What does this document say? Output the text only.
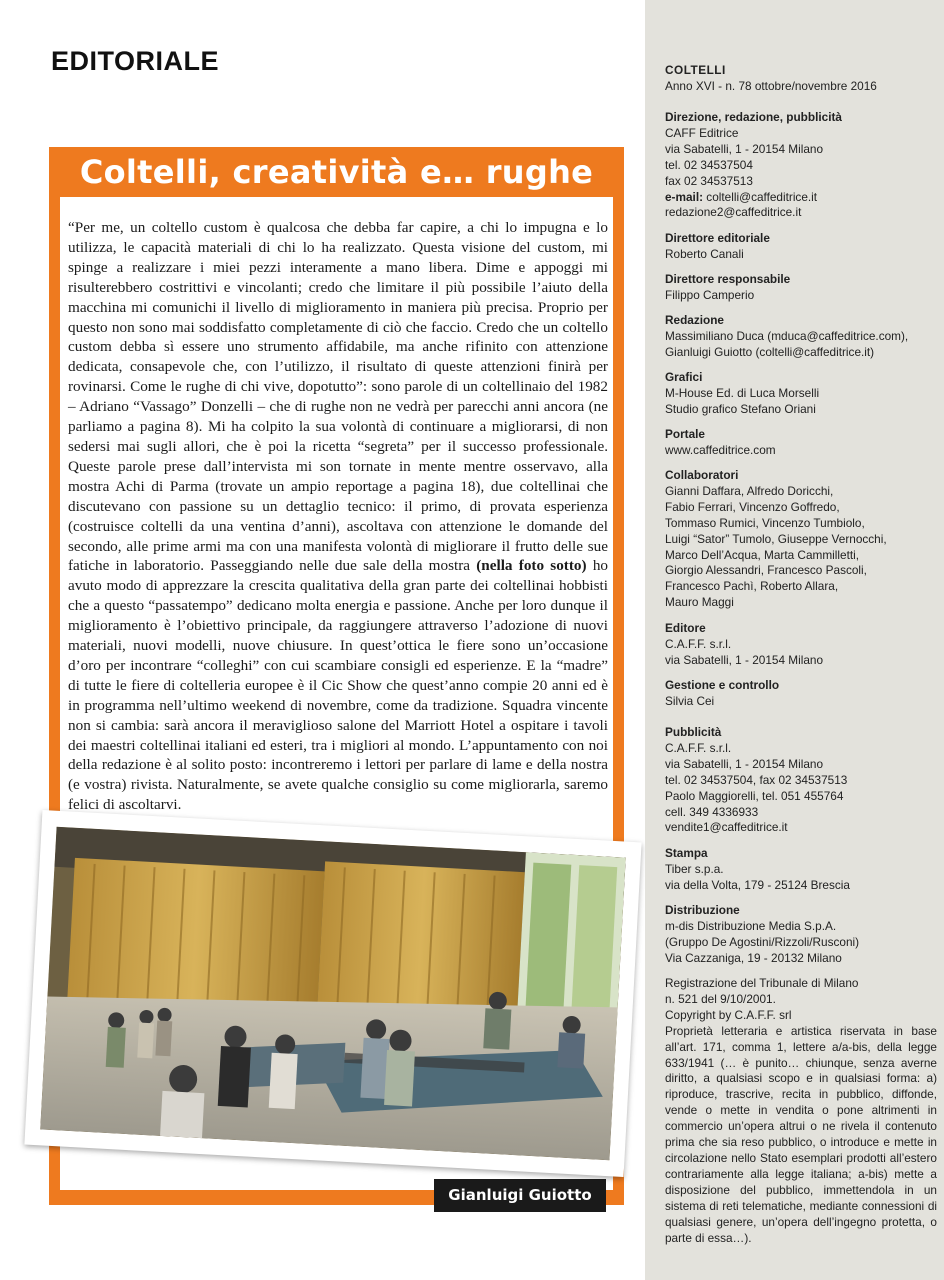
EDITORIALE
Coltelli, creatività e… rughe
“Per me, un coltello custom è qualcosa che debba far capire, a chi lo impugna e lo utilizza, le capacità materiali di chi lo ha realizzato. Questa visione del custom, mi spinge a realizzare i miei pezzi interamente a mano libera. Dime e appoggi mi risulterebbero costrittivi e vincolanti; credo che limitare il più possibile l’aiuto della macchina mi comunichi il livello di miglioramento in maniera più precisa. Proprio per questo non sono mai soddisfatto completamente di ciò che faccio. Credo che un coltello custom debba sì essere uno strumento affidabile, ma anche rifinito con attenzione dedicata, consapevole che, con l’utilizzo, il risultato di queste attenzioni finirà per rovinarsi. Come le rughe di chi vive, dopotutto”: sono parole di un coltellinaio del 1982 – Adriano “Vassago” Donzelli – che di rughe non ne vedrà per parecchi anni ancora (ne parliamo a pagina 8). Mi ha colpito la sua volontà di continuare a migliorarsi, di non sedersi mai sugli allori, che è poi la ricetta “segreta” per il successo professionale. Queste parole prese dall’intervista mi son tornate in mente mentre osservavo, alla mostra Achi di Parma (trovate un ampio reportage a pagina 18), due coltellinai che discutevano con passione su un dettaglio tecnico: il primo, di provata esperienza (costruisce coltelli da una ventina d’anni), ascoltava con attenzione le domande del secondo, alle prime armi ma con una manifesta volontà di migliorare il frutto delle sue fatiche in laboratorio. Passeggiando nelle due sale della mostra (nella foto sotto) ho avuto modo di apprezzare la crescita qualitativa della gran parte dei coltellinai hobbisti che a questo “passatempo” dedicano molta energia e passione. Anche per loro dunque il miglioramento è l’obiettivo principale, da raggiungere attraverso l’adozione di nuovi materiali, nuovi modelli, nuove chiusure. In quest’ottica le fiere sono un’occasione d’oro per incontrare “colleghi” con cui scambiare consigli ed esperienze. E la “madre” di tutte le fiere di coltelleria europee è il Cic Show che quest’anno compie 20 anni ed è in programma nell’ultimo weekend di novembre, come da tradizione. Squadra vincente non si cambia: sarà ancora il meraviglioso salone del Marriott Hotel a ospitare i tavoli dei maestri coltellinai italiani ed esteri, tra i migliori al mondo. L’appuntamento con noi della redazione è al solito posto: incontreremo i lettori per parlare di lame e della nostra (e vostra) rivista. Naturalmente, se avete qualche consiglio su come migliorarla, saremo felici di ascoltarvi.
Gianluigi Guiotto
COLTELLI
Anno XVI - n. 78 ottobre/novembre 2016
Direzione, redazione, pubblicità
CAFF Editrice
via Sabatelli, 1 - 20154 Milano
tel. 02 34537504
fax 02 34537513
e-mail: coltelli@caffeditrice.it
redazione2@caffeditrice.it
Direttore editoriale
Roberto Canali
Direttore responsabile
Filippo Camperio
Redazione
Massimiliano Duca (mduca@caffeditrice.com),
Gianluigi Guiotto (coltelli@caffeditrice.it)
Grafici
M-House Ed. di Luca Morselli
Studio grafico Stefano Oriani
Portale
www.caffeditrice.com
Collaboratori
Gianni Daffara, Alfredo Doricchi,
Fabio Ferrari, Vincenzo Goffredo,
Tommaso Rumici, Vincenzo Tumbiolo,
Luigi “Sator” Tumolo, Giuseppe Vernocchi,
Marco Dell’Acqua, Marta Cammilletti,
Giorgio Alessandri, Francesco Pascoli,
Francesco Pachì, Roberto Allara,
Mauro Maggi
Editore
C.A.F.F. s.r.l.
via Sabatelli, 1 - 20154 Milano
Gestione e controllo
Silvia Cei
Pubblicità
C.A.F.F. s.r.l.
via Sabatelli, 1 - 20154 Milano
tel. 02 34537504, fax 02 34537513
Paolo Maggiorelli, tel. 051 455764
cell. 349 4336933
vendite1@caffeditrice.it
Stampa
Tiber s.p.a.
via della Volta, 179 - 25124 Brescia
Distribuzione
m-dis Distribuzione Media S.p.A.
(Gruppo De Agostini/Rizzoli/Rusconi)
Via Cazzaniga, 19 - 20132 Milano
Registrazione del Tribunale di Milano
n. 521 del 9/10/2001.
Copyright by C.A.F.F. srl
Proprietà letteraria e artistica riservata in base all’art. 171, comma 1, lettere a/a-bis, della legge 633/1941 (… è punito… chiunque, senza averne diritto, a qualsiasi scopo e in qualsiasi forma: a) riproduce, trascrive, recita in pubblico, diffonde, vende o mette in vendita o pone altrimenti in commercio un’opera altrui o ne rivela il contenuto prima che sia reso pubblico, o introduce e mette in circolazione nello Stato esemplari prodotti all’estero contrariamente alla legge italiana; a-bis) mette a disposizione del pubblico, immettendola in un sistema di reti telematiche, mediante connessioni di qualsiasi genere, un’opera dell’ingegno protetta, o parte di essa…).
